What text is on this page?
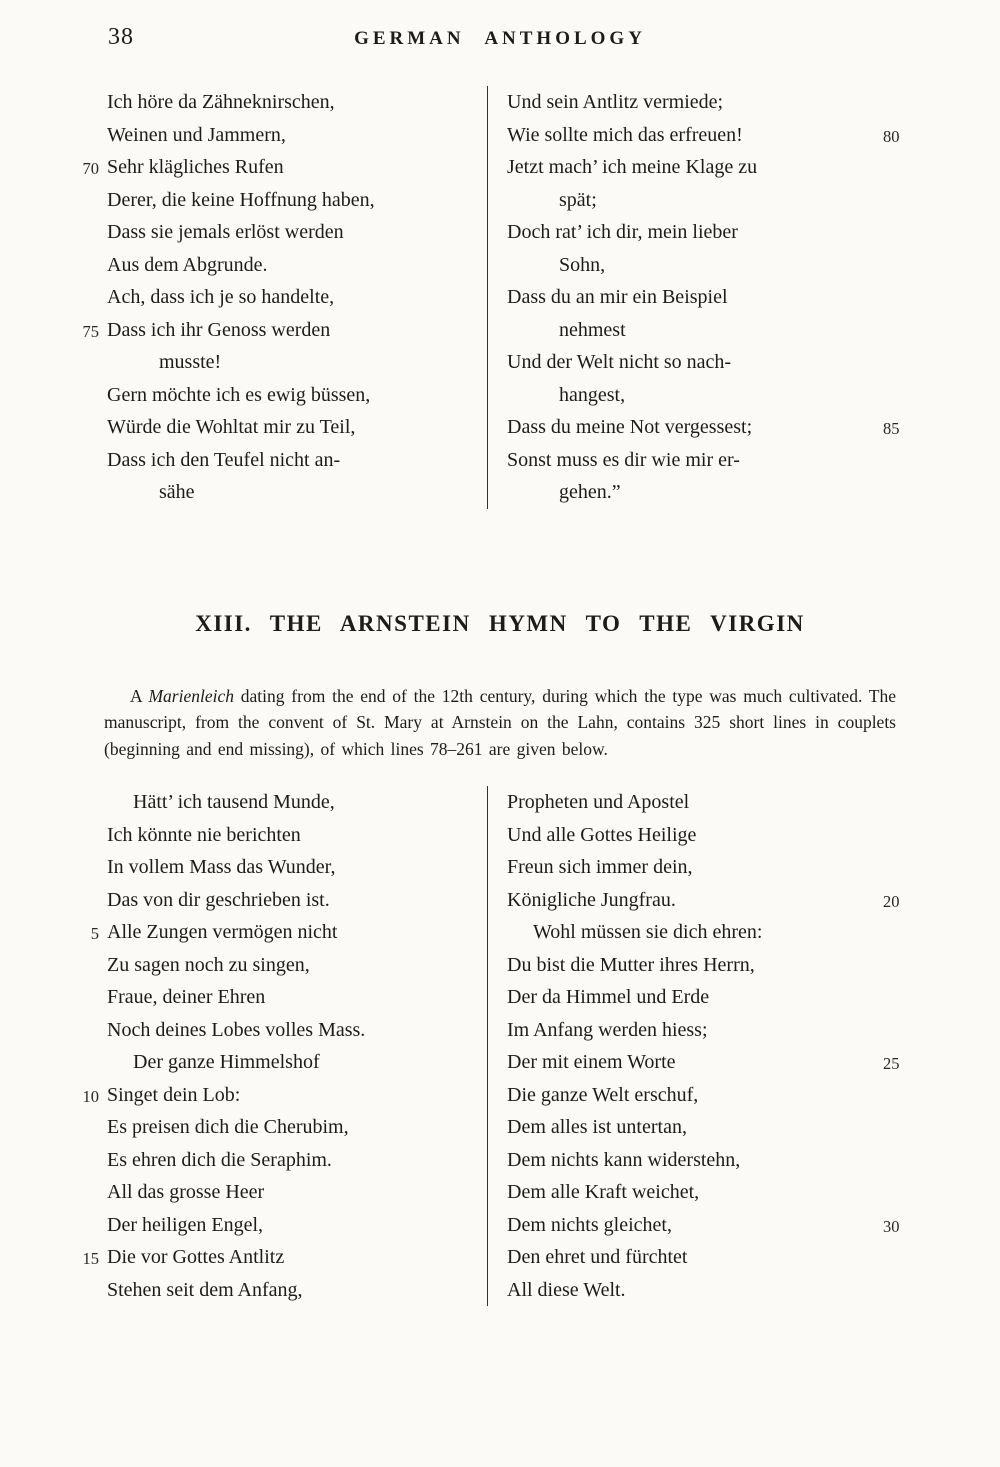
38	GERMAN ANTHOLOGY
Ich höre da Zähneknirschen,
Weinen und Jammern,
70 Sehr klägliches Rufen
Derer, die keine Hoffnung haben,
Dass sie jemals erlöst werden
Aus dem Abgrunde.
Ach, dass ich je so handelte,
75 Dass ich ihr Genoss werden
musste!
Gern möchte ich es ewig büssen,
Würde die Wohltat mir zu Teil,
Dass ich den Teufel nicht an-
sähe
Und sein Antlitz vermiede;
80
Wie sollte mich das erfreuen!
Jetzt mach’ ich meine Klage zu
spät;
Doch rat’ ich dir, mein lieber
Sohn,
Dass du an mir ein Beispiel
nehmest
Und der Welt nicht so nach-
hangest,
85
Dass du meine Not vergessest;
Sonst muss es dir wie mir er-
gehen.”
XIII. THE ARNSTEIN HYMN TO THE VIRGIN

A Marienleich dating from the end of the 12th century, during which the type was much cultivated. The manuscript, from the convent of St. Mary at Arnstein on the Lahn, contains 325 short lines in couplets (beginning and end missing), of which lines 78–261 are given below.

Hätt’ ich tausend Munde,
Ich könnte nie berichten
In vollem Mass das Wunder,
Das von dir geschrieben ist.
5 Alle Zungen vermögen nicht
Zu sagen noch zu singen,
Fraue, deiner Ehren
Noch deines Lobes volles Mass.
Der ganze Himmelshof
10 Singet dein Lob:
Es preisen dich die Cherubim,
Es ehren dich die Seraphim.
All das grosse Heer
Der heiligen Engel,
15 Die vor Gottes Antlitz
Stehen seit dem Anfang,
Propheten und Apostel
Und alle Gottes Heilige
Freun sich immer dein,
20
Königliche Jungfrau.
Wohl müssen sie dich ehren:
Du bist die Mutter ihres Herrn,
Der da Himmel und Erde
Im Anfang werden hiess;
25
Der mit einem Worte
Die ganze Welt erschuf,
Dem alles ist untertan,
Dem nichts kann widerstehn,
Dem alle Kraft weichet,
30
Dem nichts gleichet,
Den ehret und fürchtet
All diese Welt.
